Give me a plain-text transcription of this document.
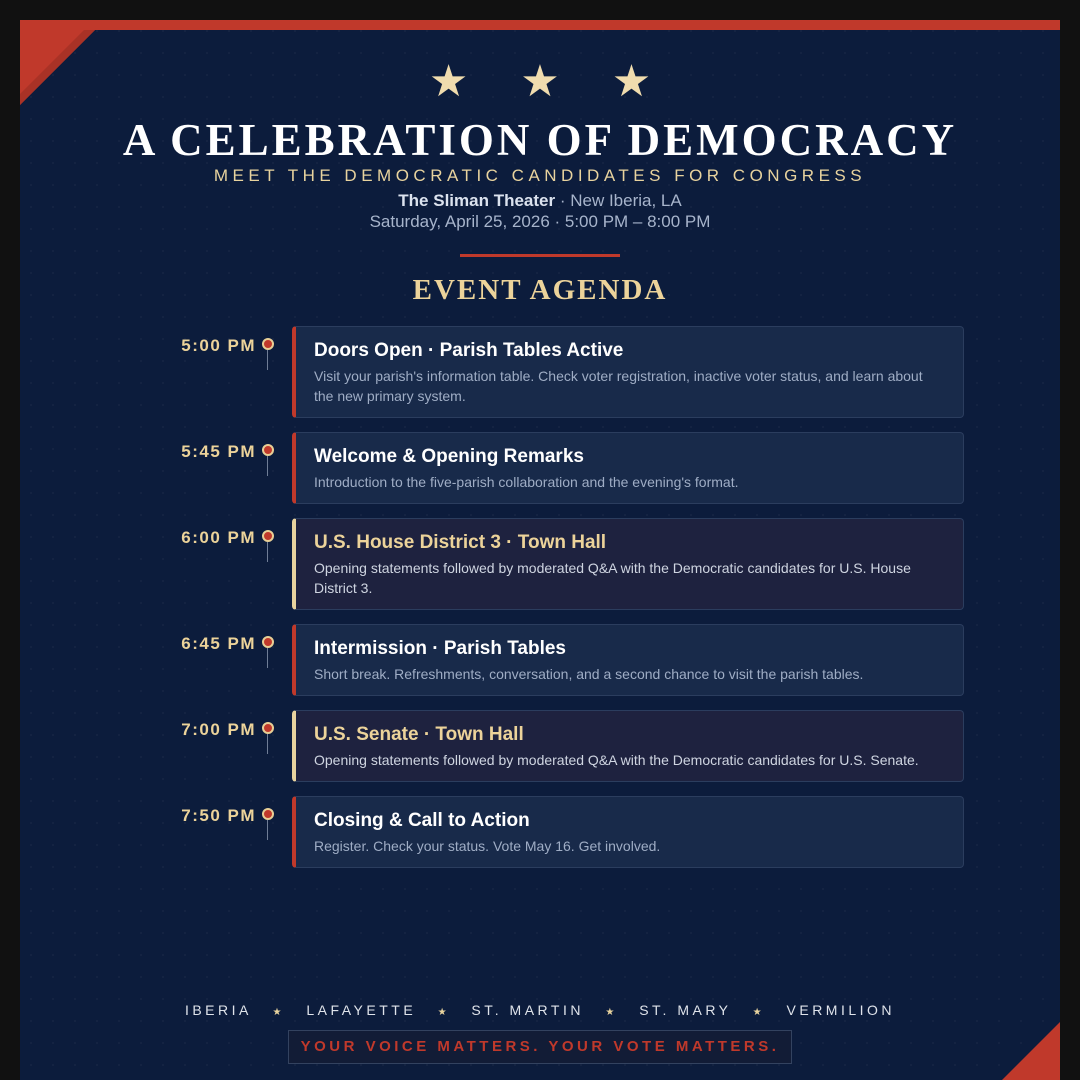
★ ★ ★
A CELEBRATION OF DEMOCRACY
MEET THE DEMOCRATIC CANDIDATES FOR CONGRESS
The Sliman Theater · New Iberia, LA
Saturday, April 25, 2026 · 5:00 PM – 8:00 PM
EVENT AGENDA
5:00 PM	Doors Open · Parish Tables Active
Visit your parish's information table. Check voter registration, inactive voter status, and learn about the new primary system.
5:45 PM	Welcome & Opening Remarks
Introduction to the five-parish collaboration and the evening's format.
6:00 PM	U.S. House District 3 · Town Hall
Opening statements followed by moderated Q&A with the Democratic candidates for U.S. House District 3.
6:45 PM	Intermission · Parish Tables
Short break. Refreshments, conversation, and a second chance to visit the parish tables.
7:00 PM	U.S. Senate · Town Hall
Opening statements followed by moderated Q&A with the Democratic candidates for U.S. Senate.
7:50 PM	Closing & Call to Action
Register. Check your status. Vote May 16. Get involved.
IBERIA ★ LAFAYETTE ★ ST. MARTIN ★ ST. MARY ★ VERMILION
YOUR VOICE MATTERS. YOUR VOTE MATTERS.
